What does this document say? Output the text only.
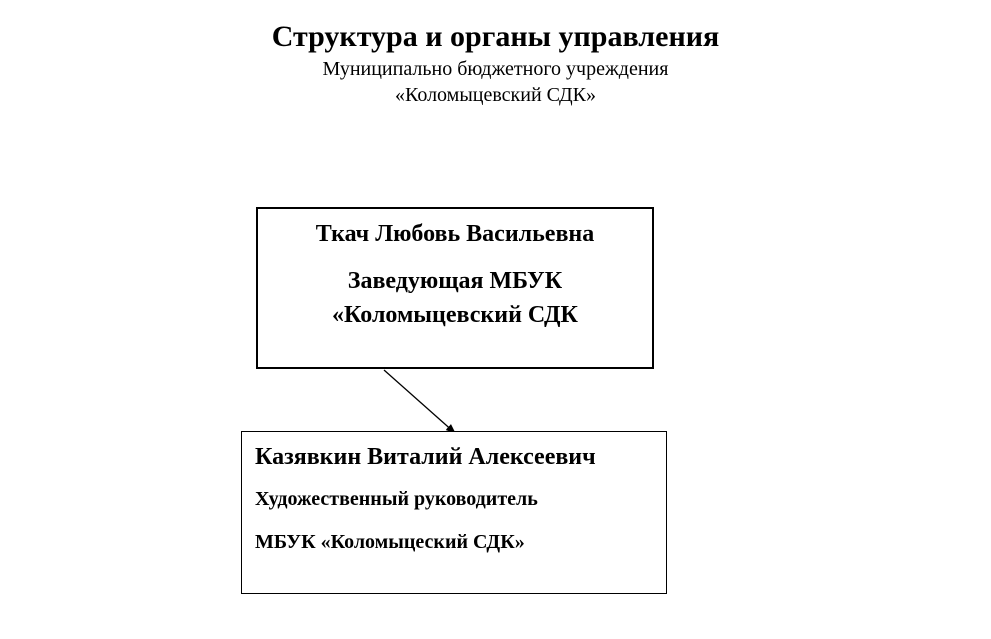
Структура и органы управления
Муниципально бюджетного учреждения
«Коломыцевский СДК»
Ткач Любовь Васильевна
Заведующая МБУК
«Коломыцевский СДК
Казявкин Виталий Алексеевич
Художественный руководитель
МБУК «Коломыцеский СДК»
